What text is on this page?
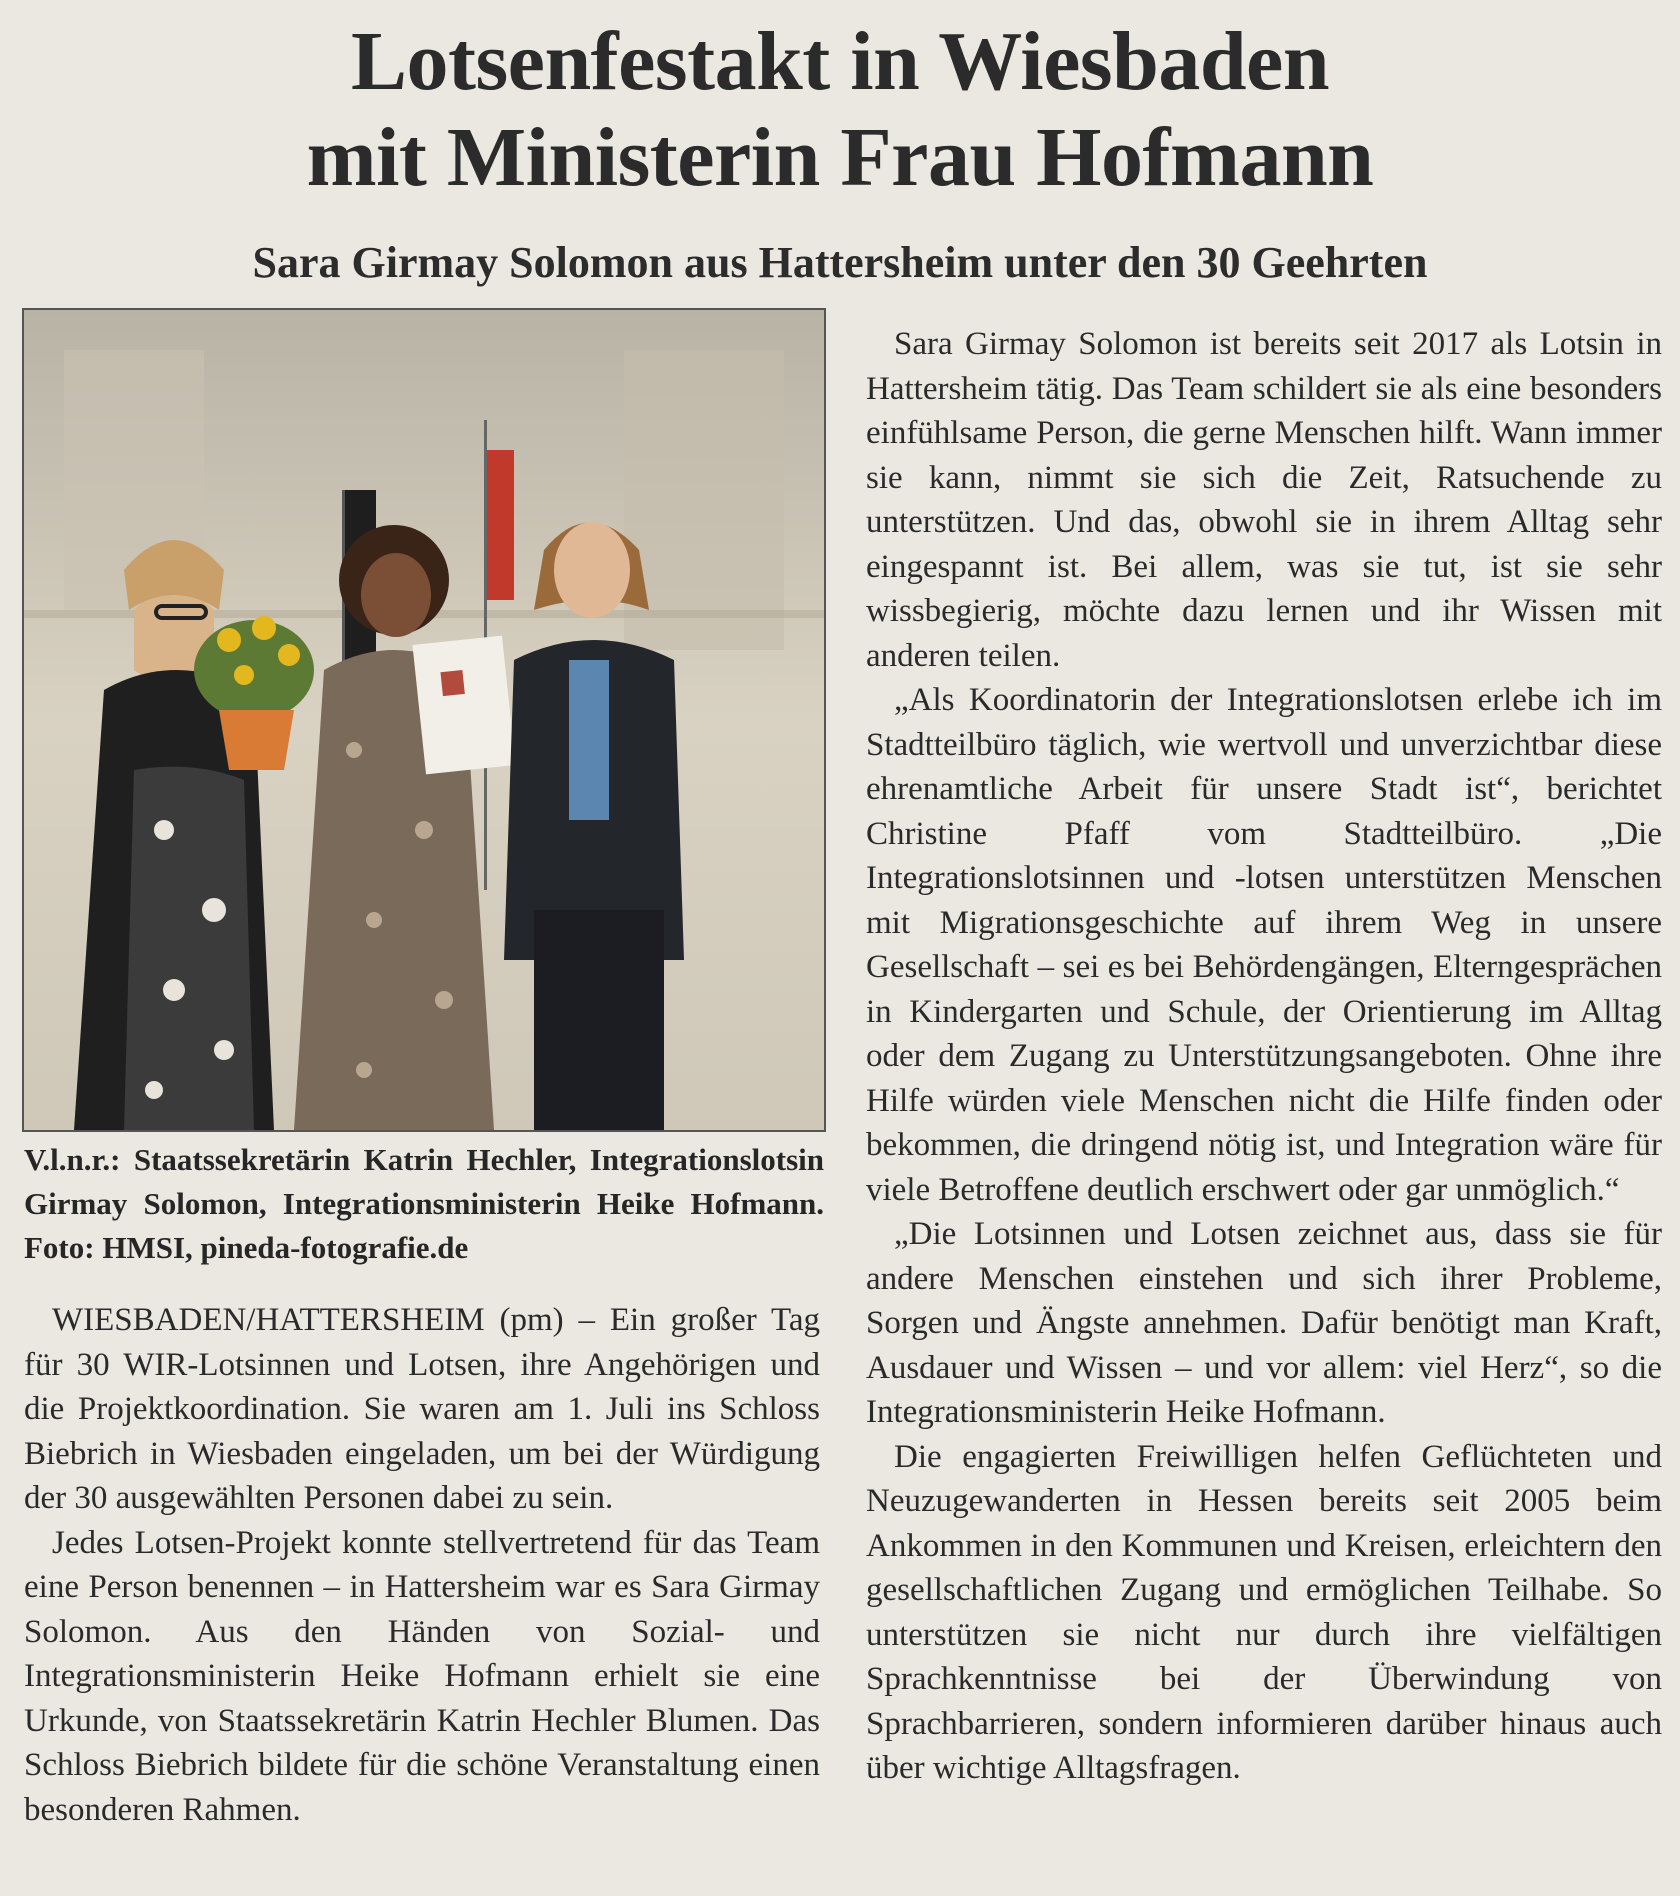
Lotsenfestakt in Wiesbaden
mit Ministerin Frau Hofmann
Sara Girmay Solomon aus Hattersheim unter den 30 Geehrten
V.l.n.r.: Staatssekretärin Katrin Hechler, Integrationslotsin Girmay Solomon, Integrationsministerin Heike Hofmann. Foto: HMSI, pineda-fotografie.de

WIESBADEN/HATTERSHEIM (pm) – Ein großer Tag für 30 WIR-Lotsinnen und Lotsen, ihre Angehörigen und die Projektkoordination. Sie waren am 1. Juli ins Schloss Biebrich in Wiesbaden eingeladen, um bei der Würdigung der 30 ausgewählten Personen dabei zu sein.

Jedes Lotsen-Projekt konnte stellvertretend für das Team eine Person benennen – in Hattersheim war es Sara Girmay Solomon. Aus den Händen von Sozial- und Integrationsministerin Heike Hofmann erhielt sie eine Urkunde, von Staatssekretärin Katrin Hechler Blumen. Das Schloss Biebrich bildete für die schöne Veranstaltung einen besonderen Rahmen.

Sara Girmay Solomon ist bereits seit 2017 als Lotsin in Hattersheim tätig. Das Team schildert sie als eine besonders einfühlsame Person, die gerne Menschen hilft. Wann immer sie kann, nimmt sie sich die Zeit, Ratsuchende zu unterstützen. Und das, obwohl sie in ihrem Alltag sehr eingespannt ist. Bei allem, was sie tut, ist sie sehr wissbegierig, möchte dazu lernen und ihr Wissen mit anderen teilen.

„Als Koordinatorin der Integrationslotsen erlebe ich im Stadtteilbüro täglich, wie wertvoll und unverzichtbar diese ehrenamtliche Arbeit für unsere Stadt ist“, berichtet Christine Pfaff vom Stadtteilbüro. „Die Integrationslotsinnen und -lotsen unterstützen Menschen mit Migrationsgeschichte auf ihrem Weg in unsere Gesellschaft – sei es bei Behördengängen, Elterngesprächen in Kindergarten und Schule, der Orientierung im Alltag oder dem Zugang zu Unterstützungsangeboten. Ohne ihre Hilfe würden viele Menschen nicht die Hilfe finden oder bekommen, die dringend nötig ist, und Integration wäre für viele Betroffene deutlich erschwert oder gar unmöglich.“

„Die Lotsinnen und Lotsen zeichnet aus, dass sie für andere Menschen einstehen und sich ihrer Probleme, Sorgen und Ängste annehmen. Dafür benötigt man Kraft, Ausdauer und Wissen – und vor allem: viel Herz“, so die Integrationsministerin Heike Hofmann.

Die engagierten Freiwilligen helfen Geflüchteten und Neuzugewanderten in Hessen bereits seit 2005 beim Ankommen in den Kommunen und Kreisen, erleichtern den gesellschaftlichen Zugang und ermöglichen Teilhabe. So unterstützen sie nicht nur durch ihre vielfältigen Sprachkenntnisse bei der Überwindung von Sprachbarrieren, sondern informieren darüber hinaus auch über wichtige Alltagsfragen.
